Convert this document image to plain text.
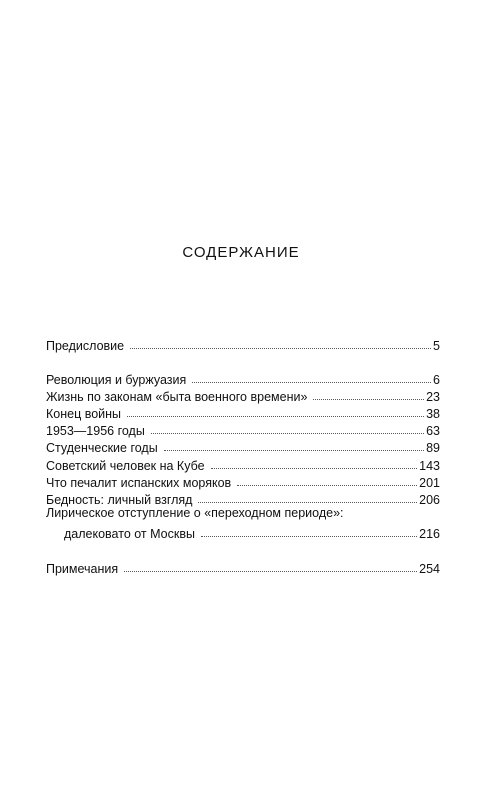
СОДЕРЖАНИЕ
Предисловие	5
Революция и буржуазия	6
Жизнь по законам «быта военного времени»	23
Конец войны	38
1953—1956 годы	63
Студенческие годы	89
Советский человек на Кубе	143
Что печалит испанских моряков	201
Бедность: личный взгляд	206
Лирическое отступление о «переходном периоде»:
далековато от Москвы	216
Примечания	254
